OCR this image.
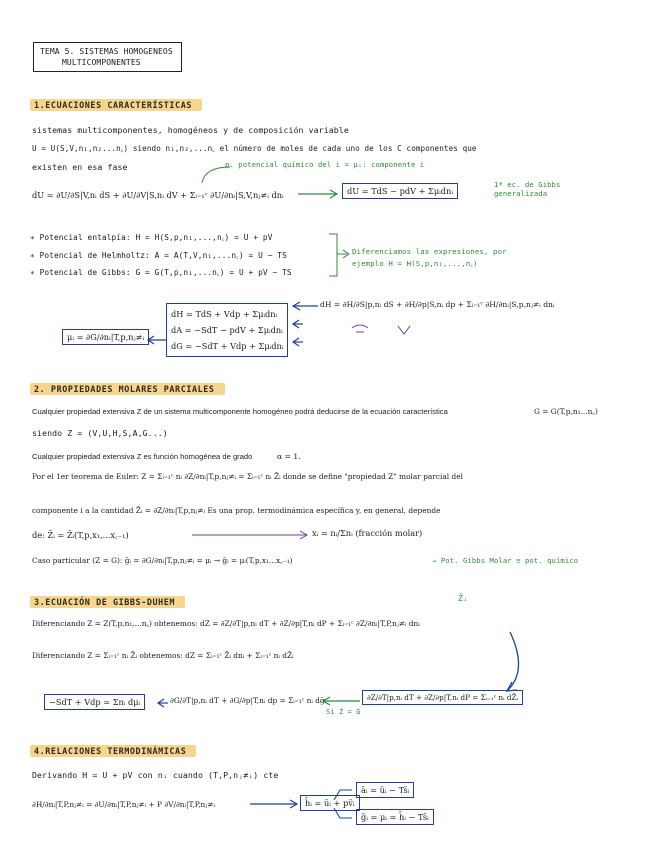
TEMA 5. SISTEMAS HOMOGENEOS
MULTICOMPONENTES
1.ECUACIONES CARACTERÍSTICAS
sistemas multicomponentes, homogéneos y de composición variable
U = U(S,V,n₁,n₂...n꜀) siendo n₁,n₂,...n꜀ el número de moles de cada uno de los C componentes que
existen en esa fase	p. potencial químico del i = μᵢ: componente i
dU = ∂U/∂S|V,nᵢ dS + ∂U/∂V|S,nᵢ dV + Σᵢ₌₁ᶜ ∂U/∂nᵢ|S,V,nⱼ≠ᵢ dnᵢ	dU = TdS − pdV + Σμᵢdnᵢ
1ª ec. de Gibbs generalizada
∗ Potencial entalpía: H = H(S,p,n₁,...,n꜀) = U + pV
∗ Potencial de Helmholtz: A = A(T,V,n₁,...n꜀) = U − TS
∗ Potencial de Gibbs: G = G(T,p,n₁,...n꜀) = U + pV − TS
Diferenciamos las expresiones, por ejemplo H = H(S,p,n₁,...,n꜀)
dH = TdS + Vdp + Σμᵢdnᵢ
dA = −SdT − pdV + Σμᵢdnᵢ
dG = −SdT + Vdp + Σμᵢdnᵢ
dH = ∂H/∂S|p,nᵢ dS + ∂H/∂p|S,nᵢ dp + Σᵢ₌₁ᶜ ∂H/∂nᵢ|S,p,nⱼ≠ᵢ dnᵢ
μᵢ = ∂G/∂nᵢ|T,p,nⱼ≠ᵢ
2. PROPIEDADES MOLARES PARCIALES
Cualquier propiedad extensiva Z de un sistema multicomponente homogéneo podrá deducirse de la ecuación característica	G = G(T,p,n₁...n꜀)
siendo Z = (V,U,H,S,A,G...)
Cualquier propiedad extensiva Z es función homogénea de grado	α = 1.
Por el 1er teorema de Euler: Z = Σᵢ₌₁ᶜ nᵢ ∂Z/∂nᵢ|T,p,nⱼ≠ᵢ = Σᵢ₌₁ᶜ nᵢ Z̄ᵢ donde se define "propiedad Z" molar parcial del
componente i a la cantidad Z̄ᵢ = ∂Z/∂nᵢ|T,p,nⱼ≠ᵢ Es una prop. termodinámica específica y, en general, depende
de: Z̄ᵢ = Z̄ᵢ(T,p,x₁,...x꜀₋₁)	xᵢ = nᵢ/Σnᵢ (fracción molar)
Caso particular (Z = G): ḡᵢ = ∂G/∂nᵢ|T,p,nⱼ≠ᵢ = μᵢ → ḡᵢ = μᵢ(T,p,x₁...x꜀₋₁)	→ Pot. Gibbs Molar ≡ pot. químico
3.ECUACIÓN DE GIBBS-DUHEM	Z̄ᵢ
Diferenciando Z = Z(T,p,n₁,...n꜀) obtenemos: dZ = ∂Z/∂T|p,nᵢ dT + ∂Z/∂p|T,nᵢ dP + Σᵢ₌₁ᶜ ∂Z/∂nᵢ|T,P,nⱼ≠ᵢ dnᵢ
Diferenciando Z = Σᵢ₌₁ᶜ nᵢ Z̄ᵢ obtenemos: dZ = Σᵢ₌₁ᶜ Z̄ᵢ dnᵢ + Σᵢ₌₁ᶜ nᵢ dZ̄ᵢ
−SdT + Vdp = Σnᵢ dμᵢ	∂G/∂T|p,nᵢ dT + ∂G/∂p|T,nᵢ dp = Σᵢ₌₁ᶜ nᵢ dḡᵢ
Si Z = G
∂Z/∂T|p,nᵢ dT + ∂Z/∂p|T,nᵢ dP = Σᵢ₌₁ᶜ nᵢ dZ̄ᵢ
4.RELACIONES TERMODINÁMICAS
Derivando H = U + pV con nᵢ cuando (T,P,nⱼ≠ᵢ) cte
∂H/∂nᵢ|T,P,nⱼ≠ᵢ = ∂U/∂nᵢ|T,P,nⱼ≠ᵢ + P ∂V/∂nᵢ|T,P,nⱼ≠ᵢ	h̄ᵢ = ūᵢ + pv̄ᵢ
āᵢ = ūᵢ − Ts̄ᵢ
ḡᵢ = μᵢ = h̄ᵢ − Ts̄ᵢ
